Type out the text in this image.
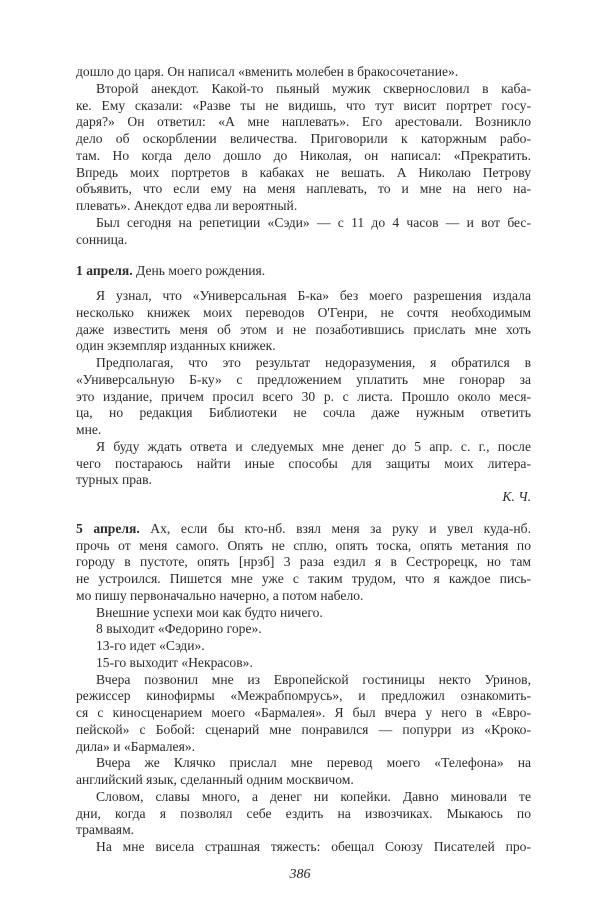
дошло до царя. Он написал «вменить молебен в бракосочетание».
Второй анекдот. Какой-то пьяный мужик сквернословил в каба-
ке. Ему сказали: «Разве ты не видишь, что тут висит портрет госу-
даря?» Он ответил: «А мне наплевать». Его арестовали. Возникло
дело об оскорблении величества. Приговорили к каторжным рабо-
там. Но когда дело дошло до Николая, он написал: «Прекратить.
Впредь моих портретов в кабаках не вешать. А Николаю Петрову
объявить, что если ему на меня наплевать, то и мне на него на-
плевать». Анекдот едва ли вероятный.
Был сегодня на репетиции «Сэди» — с 11 до 4 часов — и вот бес-
сонница.
1 апреля. День моего рождения.
Я узнал, что «Универсальная Б-ка» без моего разрешения издала
несколько книжек моих переводов О'Генри, не сочтя необходимым
даже известить меня об этом и не позаботившись прислать мне хоть
один экземпляр изданных книжек.
Предполагая, что это результат недоразумения, я обратился в
«Универсальную Б-ку» с предложением уплатить мне гонорар за
это издание, причем просил всего 30 р. с листа. Прошло около меся-
ца, но редакция Библиотеки не сочла даже нужным ответить
мне.
Я буду ждать ответа и следуемых мне денег до 5 апр. с. г., после
чего постараюсь найти иные способы для защиты моих литера-
турных прав.
К. Ч.
5 апреля. Ах, если бы кто-нб. взял меня за руку и увел куда-нб.
прочь от меня самого. Опять не сплю, опять тоска, опять метания по
городу в пустоте, опять [нрзб] 3 раза ездил я в Сестрорецк, но там
не устроился. Пишется мне уже с таким трудом, что я каждое пись-
мо пишу первоначально начерно, а потом набело.
Внешние успехи мои как будто ничего.
8 выходит «Федорино горе».
13-го идет «Сэди».
15-го выходит «Некрасов».
Вчера позвонил мне из Европейской гостиницы некто Уринов,
режиссер кинофирмы «Межрабпомрусь», и предложил ознакомить-
ся с киносценарием моего «Бармалея». Я был вчера у него в «Евро-
пейской» с Бобой: сценарий мне понравился — попурри из «Кроко-
дила» и «Бармалея».
Вчера же Клячко прислал мне перевод моего «Телефона» на
английский язык, сделанный одним москвичом.
Словом, славы много, а денег ни копейки. Давно миновали те
дни, когда я позволял себе ездить на извозчиках. Мыкаюсь по
трамваям.
На мне висела страшная тяжесть: обещал Союзу Писателей про-
386
